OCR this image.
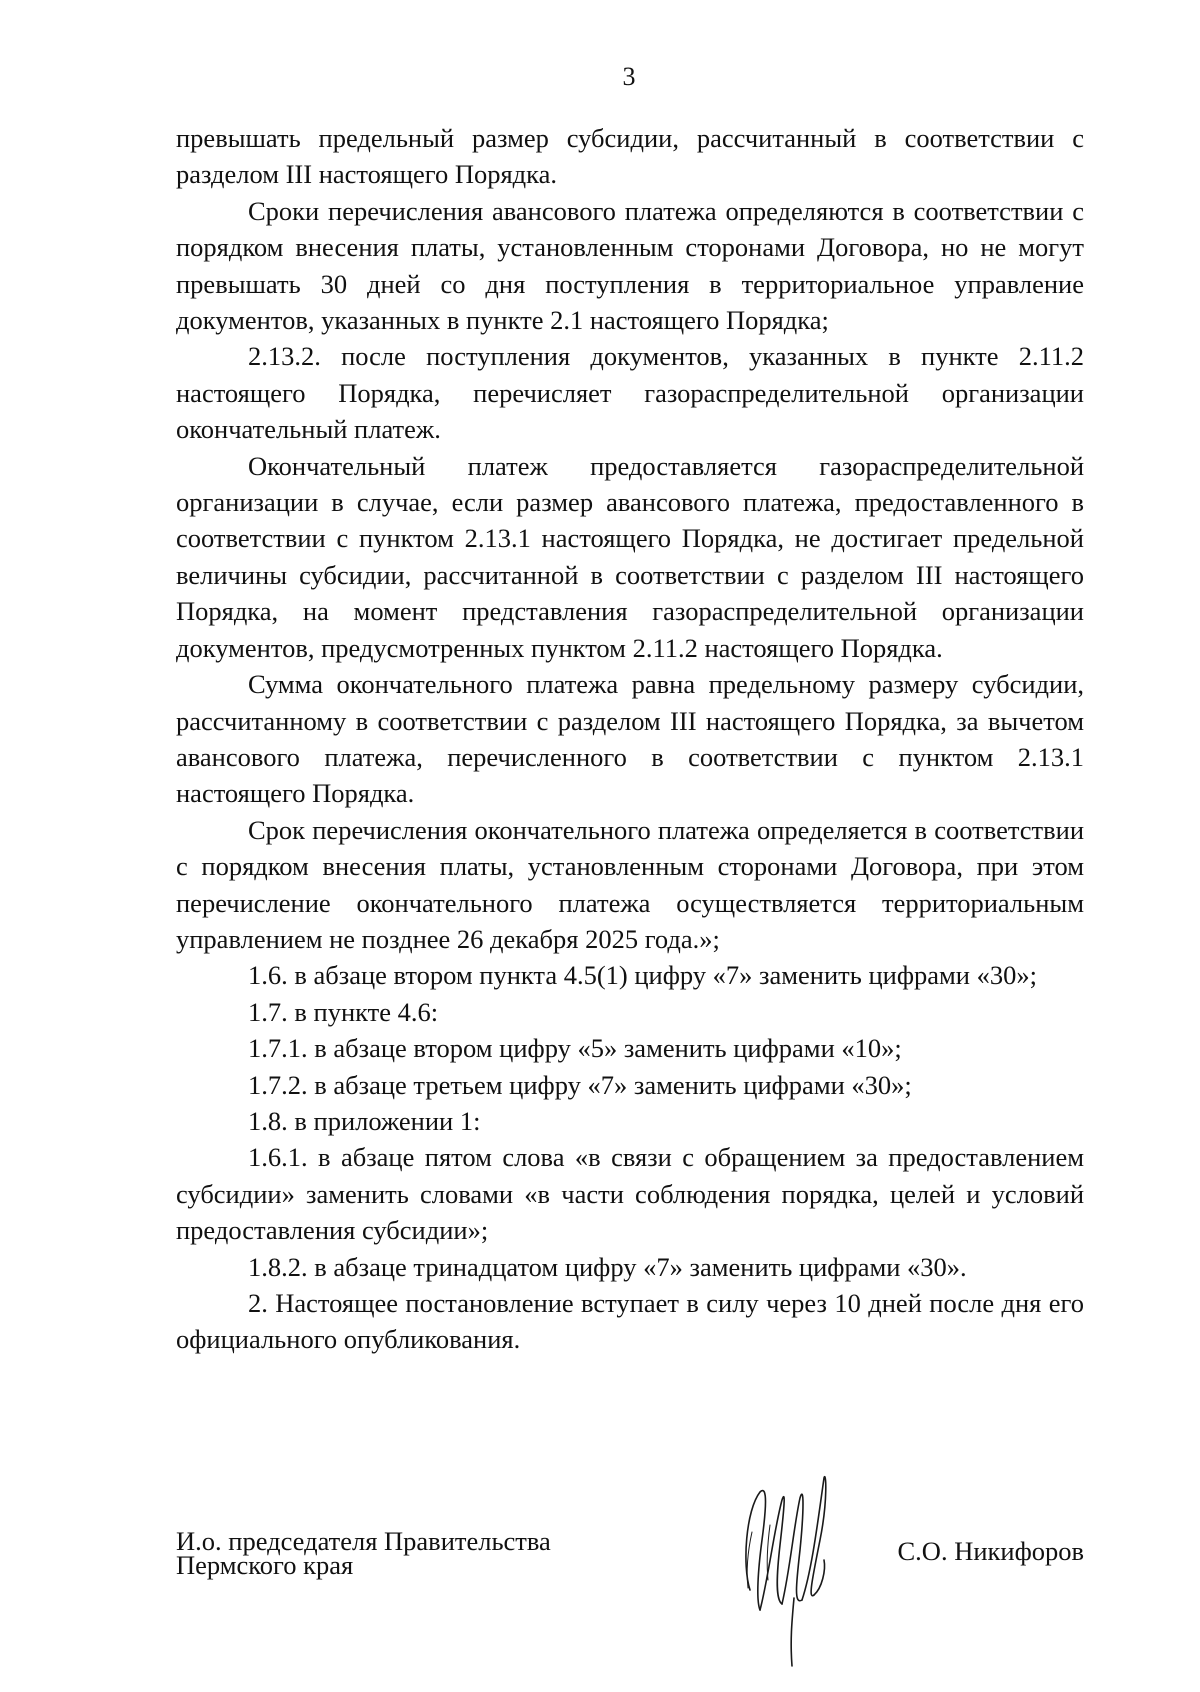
3

превышать предельный размер субсидии, рассчитанный в соответствии с разделом III настоящего Порядка.

Сроки перечисления авансового платежа определяются в соответствии с порядком внесения платы, установленным сторонами Договора, но не могут превышать 30 дней со дня поступления в территориальное управление документов, указанных в пункте 2.1 настоящего Порядка;

2.13.2. после поступления документов, указанных в пункте 2.11.2 настоящего Порядка, перечисляет газораспределительной организации окончательный платеж.

Окончательный платеж предоставляется газораспределительной организации в случае, если размер авансового платежа, предоставленного в соответствии с пунктом 2.13.1 настоящего Порядка, не достигает предельной величины субсидии, рассчитанной в соответствии с разделом III настоящего Порядка, на момент представления газораспределительной организации документов, предусмотренных пунктом 2.11.2 настоящего Порядка.

Сумма окончательного платежа равна предельному размеру субсидии, рассчитанному в соответствии с разделом III настоящего Порядка, за вычетом авансового платежа, перечисленного в соответствии с пунктом 2.13.1 настоящего Порядка.

Срок перечисления окончательного платежа определяется в соответствии с порядком внесения платы, установленным сторонами Договора, при этом перечисление окончательного платежа осуществляется территориальным управлением не позднее 26 декабря 2025 года.»;

1.6. в абзаце втором пункта 4.5(1) цифру «7» заменить цифрами «30»;

1.7. в пункте 4.6:

1.7.1. в абзаце втором цифру «5» заменить цифрами «10»;

1.7.2. в абзаце третьем цифру «7» заменить цифрами «30»;

1.8. в приложении 1:

1.6.1. в абзаце пятом слова «в связи с обращением за предоставлением субсидии» заменить словами «в части соблюдения порядка, целей и условий предоставления субсидии»;

1.8.2. в абзаце тринадцатом цифру «7» заменить цифрами «30».

2. Настоящее постановление вступает в силу через 10 дней после дня его официального опубликования.

И.о. председателя Правительства
Пермского края	С.О. Никифоров
